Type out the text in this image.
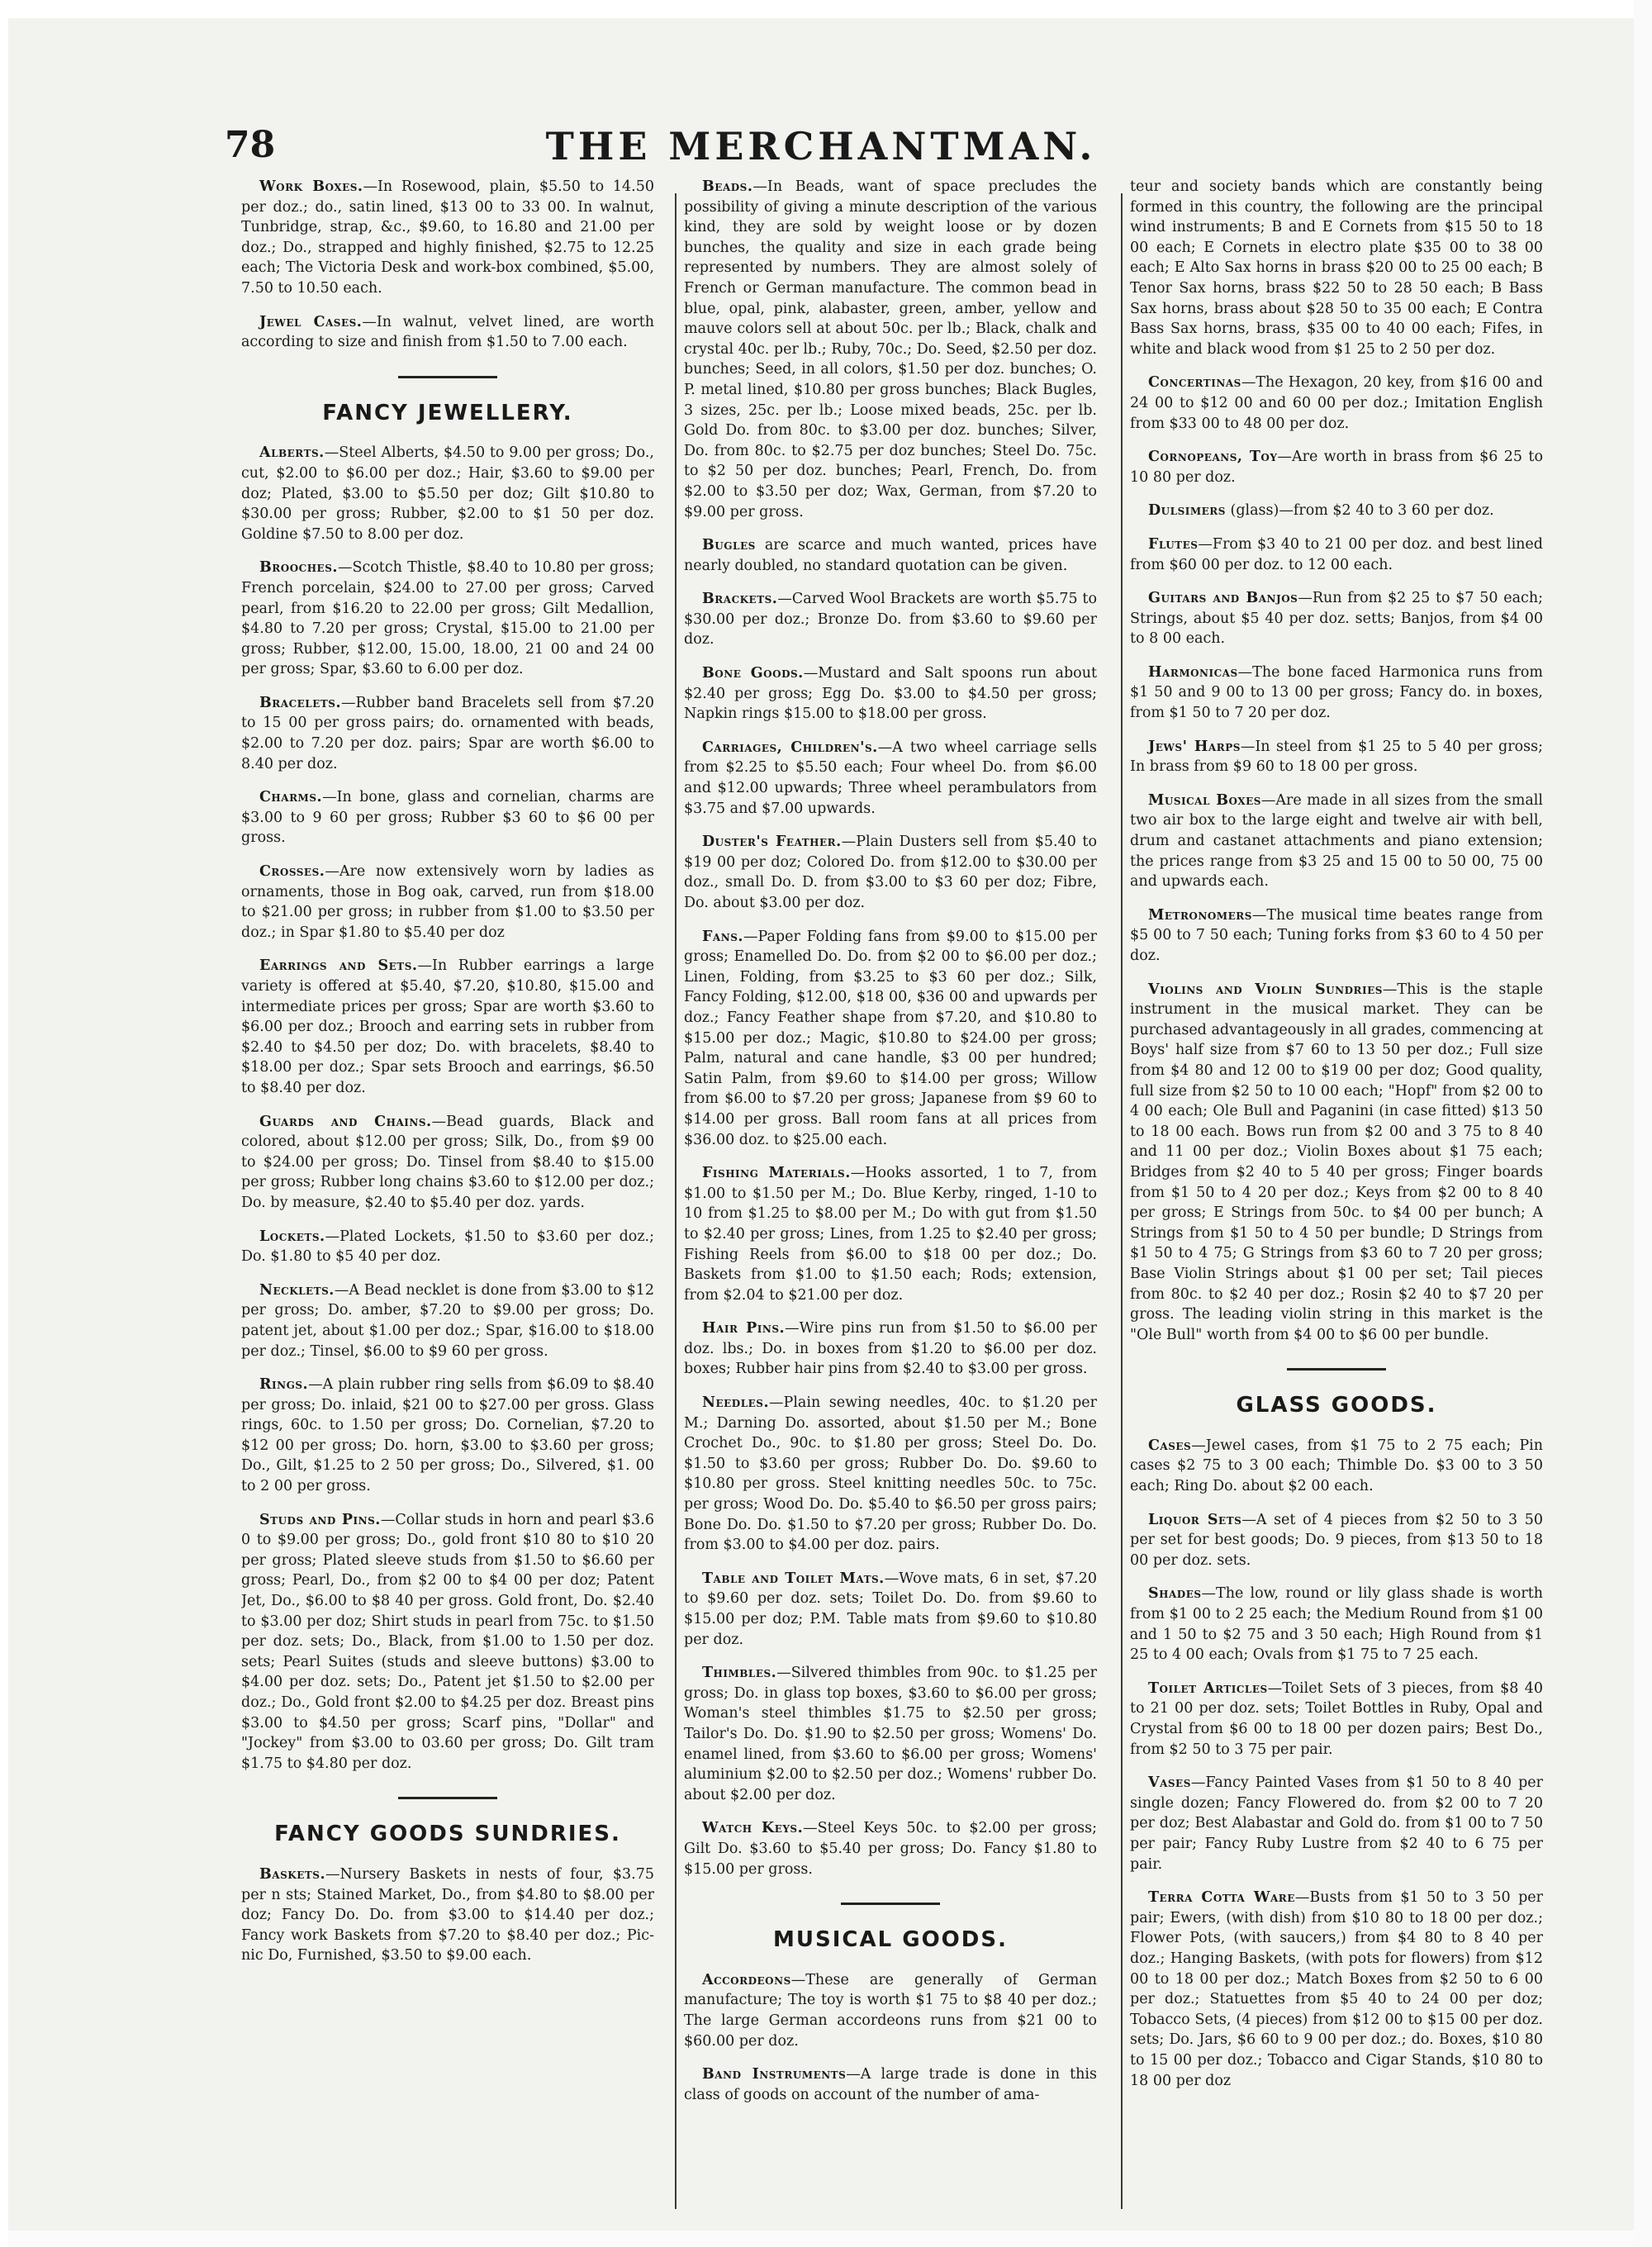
78	THE MERCHANTMAN.

Work Boxes.—In Rosewood, plain, $5.50 to 14.50 per doz.; do., satin lined, $13 00 to 33 00. In walnut, Tunbridge, strap, &c., $9.60, to 16.80 and 21.00 per doz.; Do., strapped and highly finished, $2.75 to 12.25 each; The Victoria Desk and work-box combined, $5.00, 7.50 to 10.50 each.

Jewel Cases.—In walnut, velvet lined, are worth according to size and finish from $1.50 to 7.00 each.

FANCY JEWELLERY.

Alberts.—Steel Alberts, $4.50 to 9.00 per gross; Do., cut, $2.00 to $6.00 per doz.; Hair, $3.60 to $9.00 per doz; Plated, $3.00 to $5.50 per doz; Gilt $10.80 to $30.00 per gross; Rubber, $2.00 to $1 50 per doz. Goldine $7.50 to 8.00 per doz.

Brooches.—Scotch Thistle, $8.40 to 10.80 per gross; French porcelain, $24.00 to 27.00 per gross; Carved pearl, from $16.20 to 22.00 per gross; Gilt Medallion, $4.80 to 7.20 per gross; Crystal, $15.00 to 21.00 per gross; Rubber, $12.00, 15.00, 18.00, 21 00 and 24 00 per gross; Spar, $3.60 to 6.00 per doz.

Bracelets.—Rubber band Bracelets sell from $7.20 to 15 00 per gross pairs; do. ornamented with beads, $2.00 to 7.20 per doz. pairs; Spar are worth $6.00 to 8.40 per doz.

Charms.—In bone, glass and cornelian, charms are $3.00 to 9 60 per gross; Rubber $3 60 to $6 00 per gross.

Crosses.—Are now extensively worn by ladies as ornaments, those in Bog oak, carved, run from $18.00 to $21.00 per gross; in rubber from $1.00 to $3.50 per doz.; in Spar $1.80 to $5.40 per doz

Earrings and Sets.—In Rubber earrings a large variety is offered at $5.40, $7.20, $10.80, $15.00 and intermediate prices per gross; Spar are worth $3.60 to $6.00 per doz.; Brooch and earring sets in rubber from $2.40 to $4.50 per doz; Do. with bracelets, $8.40 to $18.00 per doz.; Spar sets Brooch and earrings, $6.50 to $8.40 per doz.

Guards and Chains.—Bead guards, Black and colored, about $12.00 per gross; Silk, Do., from $9 00 to $24.00 per gross; Do. Tinsel from $8.40 to $15.00 per gross; Rubber long chains $3.60 to $12.00 per doz.; Do. by measure, $2.40 to $5.40 per doz. yards.

Lockets.—Plated Lockets, $1.50 to $3.60 per doz.; Do. $1.80 to $5 40 per doz.

Necklets.—A Bead necklet is done from $3.00 to $12 per gross; Do. amber, $7.20 to $9.00 per gross; Do. patent jet, about $1.00 per doz.; Spar, $16.00 to $18.00 per doz.; Tinsel, $6.00 to $9 60 per gross.

Rings.—A plain rubber ring sells from $6.09 to $8.40 per gross; Do. inlaid, $21 00 to $27.00 per gross. Glass rings, 60c. to 1.50 per gross; Do. Cornelian, $7.20 to $12 00 per gross; Do. horn, $3.00 to $3.60 per gross; Do., Gilt, $1.25 to 2 50 per gross; Do., Silvered, $1. 00 to 2 00 per gross.

Studs and Pins.—Collar studs in horn and pearl $3.6 0 to $9.00 per gross; Do., gold front $10 80 to $10 20 per gross; Plated sleeve studs from $1.50 to $6.60 per gross; Pearl, Do., from $2 00 to $4 00 per doz; Patent Jet, Do., $6.00 to $8 40 per gross. Gold front, Do. $2.40 to $3.00 per doz; Shirt studs in pearl from 75c. to $1.50 per doz. sets; Do., Black, from $1.00 to 1.50 per doz. sets; Pearl Suites (studs and sleeve buttons) $3.00 to $4.00 per doz. sets; Do., Patent jet $1.50 to $2.00 per doz.; Do., Gold front $2.00 to $4.25 per doz. Breast pins $3.00 to $4.50 per gross; Scarf pins, "Dollar" and "Jockey" from $3.00 to 03.60 per gross; Do. Gilt tram $1.75 to $4.80 per doz.

FANCY GOODS SUNDRIES.

Baskets.—Nursery Baskets in nests of four, $3.75 per n sts; Stained Market, Do., from $4.80 to $8.00 per doz; Fancy Do. Do. from $3.00 to $14.40 per doz.; Fancy work Baskets from $7.20 to $8.40 per doz.; Pic-nic Do, Furnished, $3.50 to $9.00 each.

Beads.—In Beads, want of space precludes the possibility of giving a minute description of the various kind, they are sold by weight loose or by dozen bunches, the quality and size in each grade being represented by numbers. They are almost solely of French or German manufacture. The common bead in blue, opal, pink, alabaster, green, amber, yellow and mauve colors sell at about 50c. per lb.; Black, chalk and crystal 40c. per lb.; Ruby, 70c.; Do. Seed, $2.50 per doz. bunches; Seed, in all colors, $1.50 per doz. bunches; O. P. metal lined, $10.80 per gross bunches; Black Bugles, 3 sizes, 25c. per lb.; Loose mixed beads, 25c. per lb. Gold Do. from 80c. to $3.00 per doz. bunches; Silver, Do. from 80c. to $2.75 per doz bunches; Steel Do. 75c. to $2 50 per doz. bunches; Pearl, French, Do. from $2.00 to $3.50 per doz; Wax, German, from $7.20 to $9.00 per gross.

Bugles are scarce and much wanted, prices have nearly doubled, no standard quotation can be given.

Brackets.—Carved Wool Brackets are worth $5.75 to $30.00 per doz.; Bronze Do. from $3.60 to $9.60 per doz.

Bone Goods.—Mustard and Salt spoons run about $2.40 per gross; Egg Do. $3.00 to $4.50 per gross; Napkin rings $15.00 to $18.00 per gross.

Carriages, Children's.—A two wheel carriage sells from $2.25 to $5.50 each; Four wheel Do. from $6.00 and $12.00 upwards; Three wheel perambulators from $3.75 and $7.00 upwards.

Duster's Feather.—Plain Dusters sell from $5.40 to $19 00 per doz; Colored Do. from $12.00 to $30.00 per doz., small Do. D. from $3.00 to $3 60 per doz; Fibre, Do. about $3.00 per doz.

Fans.—Paper Folding fans from $9.00 to $15.00 per gross; Enamelled Do. Do. from $2 00 to $6.00 per doz.; Linen, Folding, from $3.25 to $3 60 per doz.; Silk, Fancy Folding, $12.00, $18 00, $36 00 and upwards per doz.; Fancy Feather shape from $7.20, and $10.80 to $15.00 per doz.; Magic, $10.80 to $24.00 per gross; Palm, natural and cane handle, $3 00 per hundred; Satin Palm, from $9.60 to $14.00 per gross; Willow from $6.00 to $7.20 per gross; Japanese from $9 60 to $14.00 per gross. Ball room fans at all prices from $36.00 doz. to $25.00 each.

Fishing Materials.—Hooks assorted, 1 to 7, from $1.00 to $1.50 per M.; Do. Blue Kerby, ringed, 1-10 to 10 from $1.25 to $8.00 per M.; Do with gut from $1.50 to $2.40 per gross; Lines, from 1.25 to $2.40 per gross; Fishing Reels from $6.00 to $18 00 per doz.; Do. Baskets from $1.00 to $1.50 each; Rods; extension, from $2.04 to $21.00 per doz.

Hair Pins.—Wire pins run from $1.50 to $6.00 per doz. lbs.; Do. in boxes from $1.20 to $6.00 per doz. boxes; Rubber hair pins from $2.40 to $3.00 per gross.

Needles.—Plain sewing needles, 40c. to $1.20 per M.; Darning Do. assorted, about $1.50 per M.; Bone Crochet Do., 90c. to $1.80 per gross; Steel Do. Do. $1.50 to $3.60 per gross; Rubber Do. Do. $9.60 to $10.80 per gross. Steel knitting needles 50c. to 75c. per gross; Wood Do. Do. $5.40 to $6.50 per gross pairs; Bone Do. Do. $1.50 to $7.20 per gross; Rubber Do. Do. from $3.00 to $4.00 per doz. pairs.

Table and Toilet Mats.—Wove mats, 6 in set, $7.20 to $9.60 per doz. sets; Toilet Do. Do. from $9.60 to $15.00 per doz; P.M. Table mats from $9.60 to $10.80 per doz.

Thimbles.—Silvered thimbles from 90c. to $1.25 per gross; Do. in glass top boxes, $3.60 to $6.00 per gross; Woman's steel thimbles $1.75 to $2.50 per gross; Tailor's Do. Do. $1.90 to $2.50 per gross; Womens' Do. enamel lined, from $3.60 to $6.00 per gross; Womens' aluminium $2.00 to $2.50 per doz.; Womens' rubber Do. about $2.00 per doz.

Watch Keys.—Steel Keys 50c. to $2.00 per gross; Gilt Do. $3.60 to $5.40 per gross; Do. Fancy $1.80 to $15.00 per gross.

MUSICAL GOODS.

Accordeons—These are generally of German manufacture; The toy is worth $1 75 to $8 40 per doz.; The large German accordeons runs from $21 00 to $60.00 per doz.

Band Instruments—A large trade is done in this class of goods on account of the number of ama-

teur and society bands which are constantly being formed in this country, the following are the principal wind instruments; B and E Cornets from $15 50 to 18 00 each; E Cornets in electro plate $35 00 to 38 00 each; E Alto Sax horns in brass $20 00 to 25 00 each; B Tenor Sax horns, brass $22 50 to 28 50 each; B Bass Sax horns, brass about $28 50 to 35 00 each; E Contra Bass Sax horns, brass, $35 00 to 40 00 each; Fifes, in white and black wood from $1 25 to 2 50 per doz.

Concertinas—The Hexagon, 20 key, from $16 00 and 24 00 to $12 00 and 60 00 per doz.; Imitation English from $33 00 to 48 00 per doz.

Cornopeans, Toy—Are worth in brass from $6 25 to 10 80 per doz.

Dulsimers (glass)—from $2 40 to 3 60 per doz.

Flutes—From $3 40 to 21 00 per doz. and best lined from $60 00 per doz. to 12 00 each.

Guitars and Banjos—Run from $2 25 to $7 50 each; Strings, about $5 40 per doz. setts; Banjos, from $4 00 to 8 00 each.

Harmonicas—The bone faced Harmonica runs from $1 50 and 9 00 to 13 00 per gross; Fancy do. in boxes, from $1 50 to 7 20 per doz.

Jews' Harps—In steel from $1 25 to 5 40 per gross; In brass from $9 60 to 18 00 per gross.

Musical Boxes—Are made in all sizes from the small two air box to the large eight and twelve air with bell, drum and castanet attachments and piano extension; the prices range from $3 25 and 15 00 to 50 00, 75 00 and upwards each.

Metronomers—The musical time beates range from $5 00 to 7 50 each; Tuning forks from $3 60 to 4 50 per doz.

Violins and Violin Sundries—This is the staple instrument in the musical market. They can be purchased advantageously in all grades, commencing at Boys' half size from $7 60 to 13 50 per doz.; Full size from $4 80 and 12 00 to $19 00 per doz; Good quality, full size from $2 50 to 10 00 each; "Hopf" from $2 00 to 4 00 each; Ole Bull and Paganini (in case fitted) $13 50 to 18 00 each. Bows run from $2 00 and 3 75 to 8 40 and 11 00 per doz.; Violin Boxes about $1 75 each; Bridges from $2 40 to 5 40 per gross; Finger boards from $1 50 to 4 20 per doz.; Keys from $2 00 to 8 40 per gross; E Strings from 50c. to $4 00 per bunch; A Strings from $1 50 to 4 50 per bundle; D Strings from $1 50 to 4 75; G Strings from $3 60 to 7 20 per gross; Base Violin Strings about $1 00 per set; Tail pieces from 80c. to $2 40 per doz.; Rosin $2 40 to $7 20 per gross. The leading violin string in this market is the "Ole Bull" worth from $4 00 to $6 00 per bundle.

GLASS GOODS.

Cases—Jewel cases, from $1 75 to 2 75 each; Pin cases $2 75 to 3 00 each; Thimble Do. $3 00 to 3 50 each; Ring Do. about $2 00 each.

Liquor Sets—A set of 4 pieces from $2 50 to 3 50 per set for best goods; Do. 9 pieces, from $13 50 to 18 00 per doz. sets.

Shades—The low, round or lily glass shade is worth from $1 00 to 2 25 each; the Medium Round from $1 00 and 1 50 to $2 75 and 3 50 each; High Round from $1 25 to 4 00 each; Ovals from $1 75 to 7 25 each.

Toilet Articles—Toilet Sets of 3 pieces, from $8 40 to 21 00 per doz. sets; Toilet Bottles in Ruby, Opal and Crystal from $6 00 to 18 00 per dozen pairs; Best Do., from $2 50 to 3 75 per pair.

Vases—Fancy Painted Vases from $1 50 to 8 40 per single dozen; Fancy Flowered do. from $2 00 to 7 20 per doz; Best Alabastar and Gold do. from $1 00 to 7 50 per pair; Fancy Ruby Lustre from $2 40 to 6 75 per pair.

Terra Cotta Ware—Busts from $1 50 to 3 50 per pair; Ewers, (with dish) from $10 80 to 18 00 per doz.; Flower Pots, (with saucers,) from $4 80 to 8 40 per doz.; Hanging Baskets, (with pots for flowers) from $12 00 to 18 00 per doz.; Match Boxes from $2 50 to 6 00 per doz.; Statuettes from $5 40 to 24 00 per doz; Tobacco Sets, (4 pieces) from $12 00 to $15 00 per doz. sets; Do. Jars, $6 60 to 9 00 per doz.; do. Boxes, $10 80 to 15 00 per doz.; Tobacco and Cigar Stands, $10 80 to 18 00 per doz
